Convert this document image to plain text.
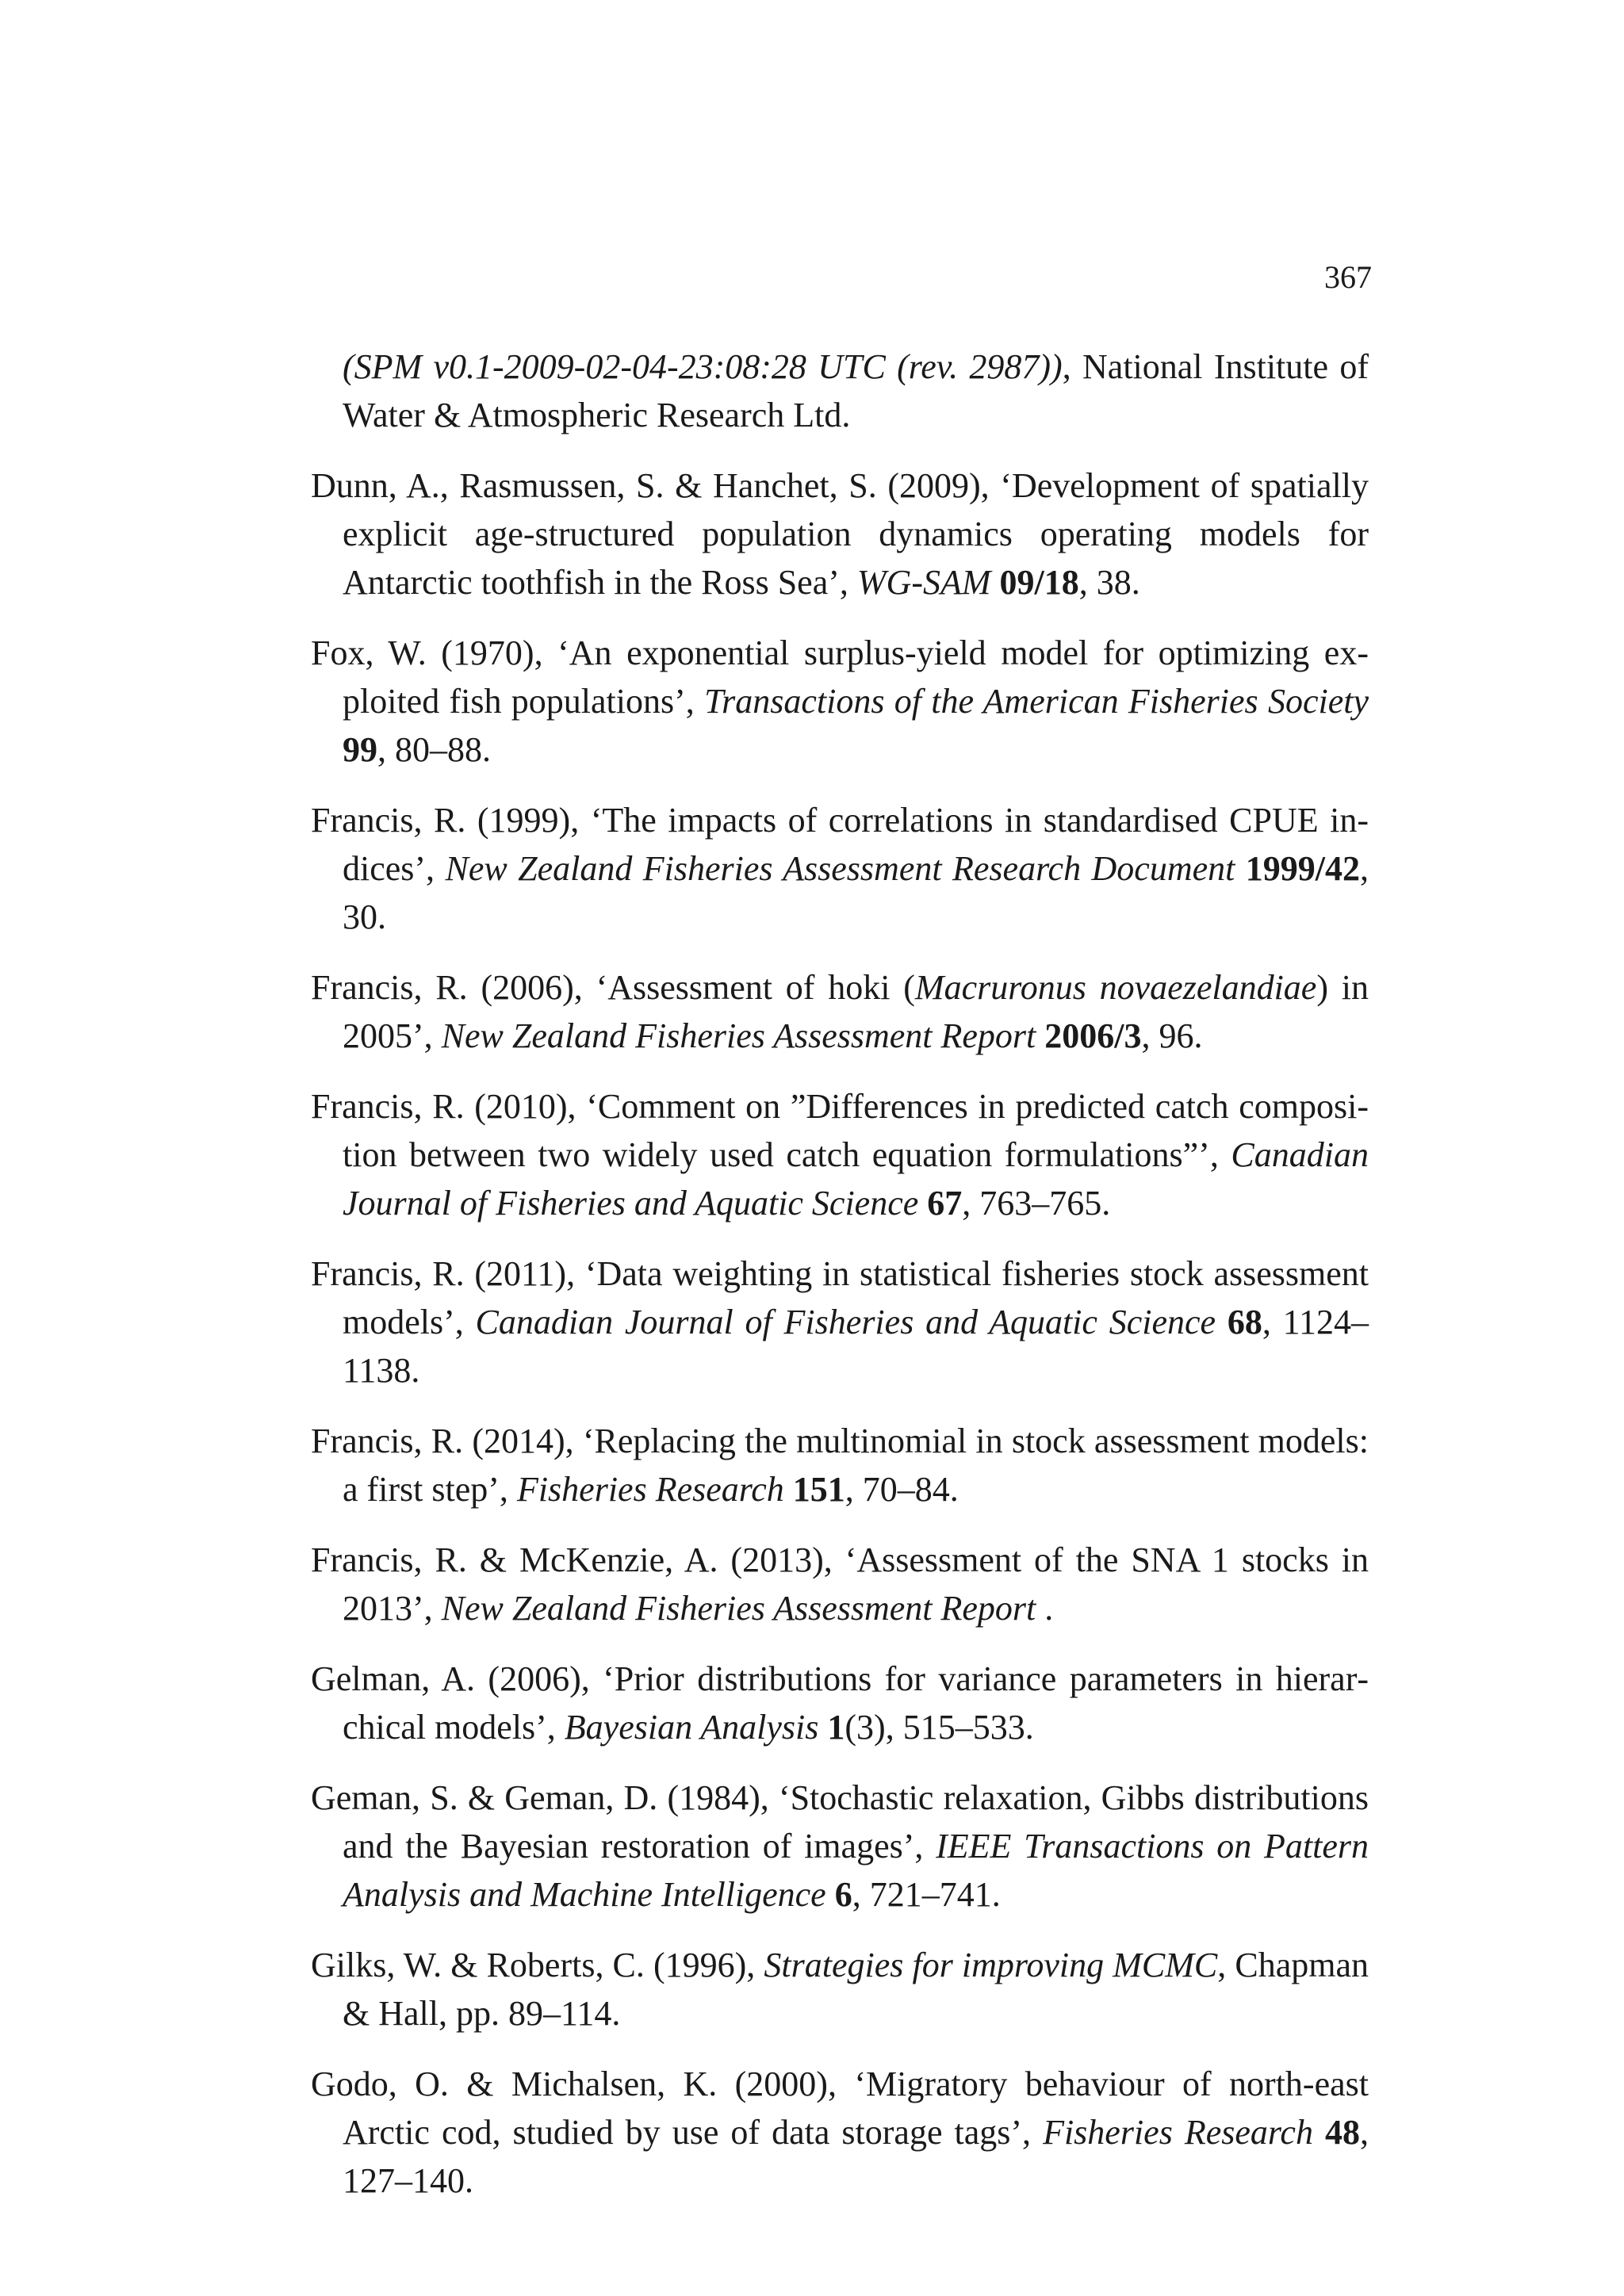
367
(SPM v0.1-2009-02-04-23:08:28 UTC (rev. 2987)), National Institute of Water & Atmospheric Research Ltd.
Dunn, A., Rasmussen, S. & Hanchet, S. (2009), ‘Development of spatially explicit age-structured population dynamics operating models for Antarctic toothfish in the Ross Sea’, WG-SAM 09/18, 38.
Fox, W. (1970), ‘An exponential surplus-yield model for optimizing exploited fish populations’, Transactions of the American Fisheries Society 99, 80–88.
Francis, R. (1999), ‘The impacts of correlations in standardised CPUE indices’, New Zealand Fisheries Assessment Research Document 1999/42, 30.
Francis, R. (2006), ‘Assessment of hoki (Macruronus novaezelandiae) in 2005’, New Zealand Fisheries Assessment Report 2006/3, 96.
Francis, R. (2010), ‘Comment on ”Differences in predicted catch composition between two widely used catch equation formulations”’, Canadian Journal of Fisheries and Aquatic Science 67, 763–765.
Francis, R. (2011), ‘Data weighting in statistical fisheries stock assessment models’, Canadian Journal of Fisheries and Aquatic Science 68, 1124–1138.
Francis, R. (2014), ‘Replacing the multinomial in stock assessment models: a first step’, Fisheries Research 151, 70–84.
Francis, R. & McKenzie, A. (2013), ‘Assessment of the SNA 1 stocks in 2013’, New Zealand Fisheries Assessment Report .
Gelman, A. (2006), ‘Prior distributions for variance parameters in hierarchical models’, Bayesian Analysis 1(3), 515–533.
Geman, S. & Geman, D. (1984), ‘Stochastic relaxation, Gibbs distributions and the Bayesian restoration of images’, IEEE Transactions on Pattern Analysis and Machine Intelligence 6, 721–741.
Gilks, W. & Roberts, C. (1996), Strategies for improving MCMC, Chapman & Hall, pp. 89–114.
Godo, O. & Michalsen, K. (2000), ‘Migratory behaviour of north-east Arctic cod, studied by use of data storage tags’, Fisheries Research 48, 127–140.
